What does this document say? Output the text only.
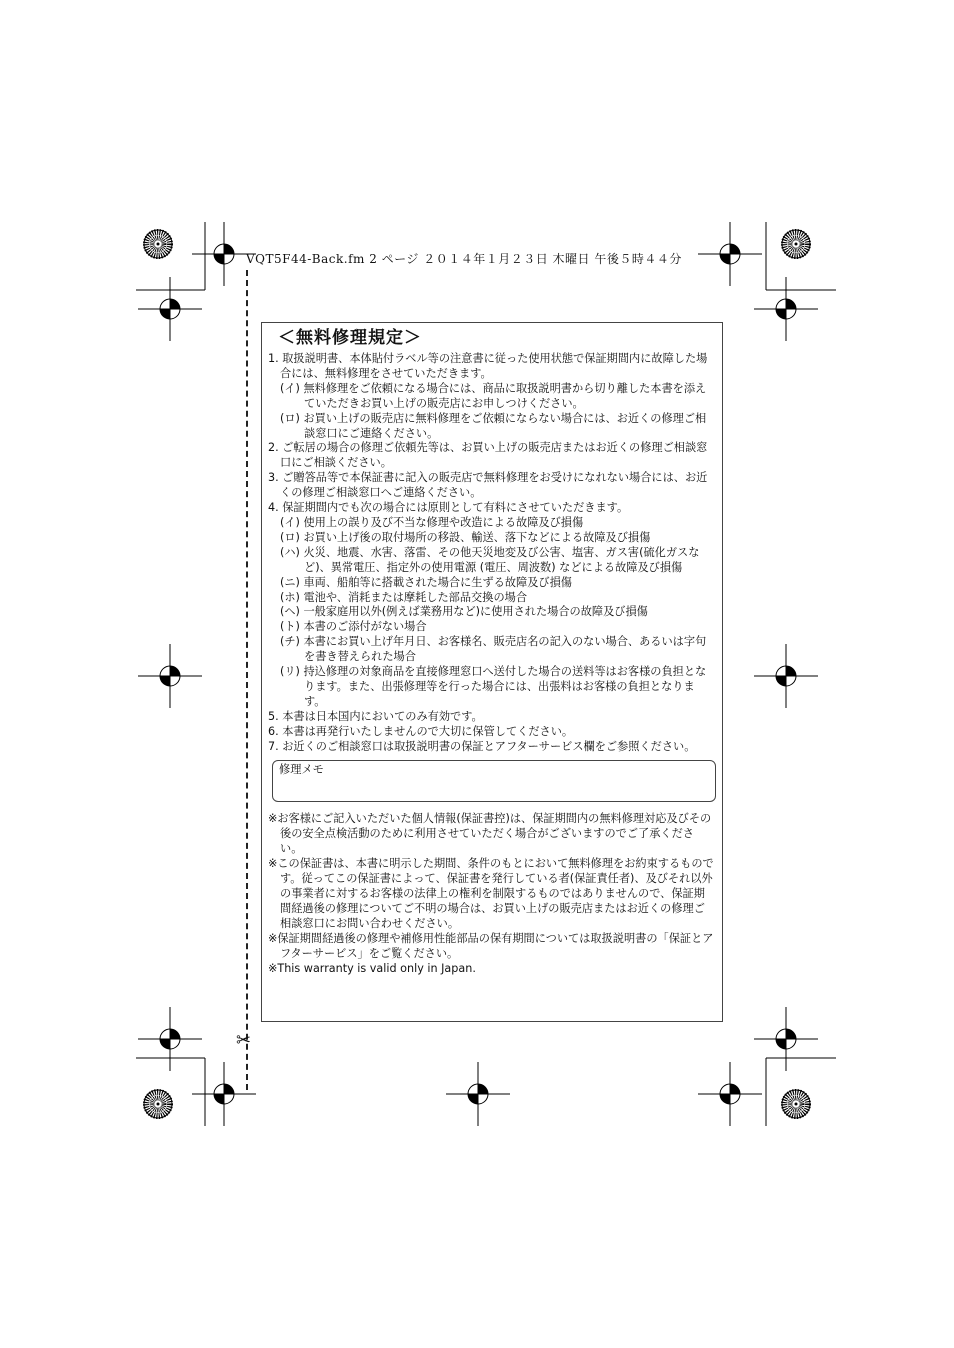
VQT5F44-Back.fm 2 ページ ２０１４年１月２３日 木曜日 午後５時４４分
✂
＜無料修理規定＞
1. 取扱説明書、本体貼付ラベル等の注意書に従った使用状態で保証期間内に故障した場合には、無料修理をさせていただきます。
(イ) 無料修理をご依頼になる場合には、商品に取扱説明書から切り離した本書を添えていただきお買い上げの販売店にお申しつけください。
(ロ) お買い上げの販売店に無料修理をご依頼にならない場合には、お近くの修理ご相談窓口にご連絡ください。
2. ご転居の場合の修理ご依頼先等は、お買い上げの販売店またはお近くの修理ご相談窓口にご相談ください。
3. ご贈答品等で本保証書に記入の販売店で無料修理をお受けになれない場合には、お近くの修理ご相談窓口へご連絡ください。
4. 保証期間内でも次の場合には原則として有料にさせていただきます。
(イ) 使用上の誤り及び不当な修理や改造による故障及び損傷
(ロ) お買い上げ後の取付場所の移設、輸送、落下などによる故障及び損傷
(ハ) 火災、地震、水害、落雷、その他天災地変及び公害、塩害、ガス害(硫化ガスなど)、異常電圧、指定外の使用電源 (電圧、周波数) などによる故障及び損傷
(ニ) 車両、船舶等に搭載された場合に生ずる故障及び損傷
(ホ) 電池や、消耗または摩耗した部品交換の場合
(ヘ) 一般家庭用以外(例えば業務用など)に使用された場合の故障及び損傷
(ト) 本書のご添付がない場合
(チ) 本書にお買い上げ年月日、お客様名、販売店名の記入のない場合、あるいは字句を書き替えられた場合
(リ) 持込修理の対象商品を直接修理窓口へ送付した場合の送料等はお客様の負担となります。また、出張修理等を行った場合には、出張料はお客様の負担となります。
5. 本書は日本国内においてのみ有効です。
6. 本書は再発行いたしませんので大切に保管してください。
7. お近くのご相談窓口は取扱説明書の保証とアフターサービス欄をご参照ください。
修理メモ
※お客様にご記入いただいた個人情報(保証書控)は、保証期間内の無料修理対応及びその後の安全点検活動のために利用させていただく場合がございますのでご了承ください。
※この保証書は、本書に明示した期間、条件のもとにおいて無料修理をお約束するものです。従ってこの保証書によって、保証書を発行している者(保証責任者)、及びそれ以外の事業者に対するお客様の法律上の権利を制限するものではありませんので、保証期間経過後の修理についてご不明の場合は、お買い上げの販売店またはお近くの修理ご相談窓口にお問い合わせください。
※保証期間経過後の修理や補修用性能部品の保有期間については取扱説明書の「保証とアフターサービス」をご覧ください。
※This warranty is valid only in Japan.
